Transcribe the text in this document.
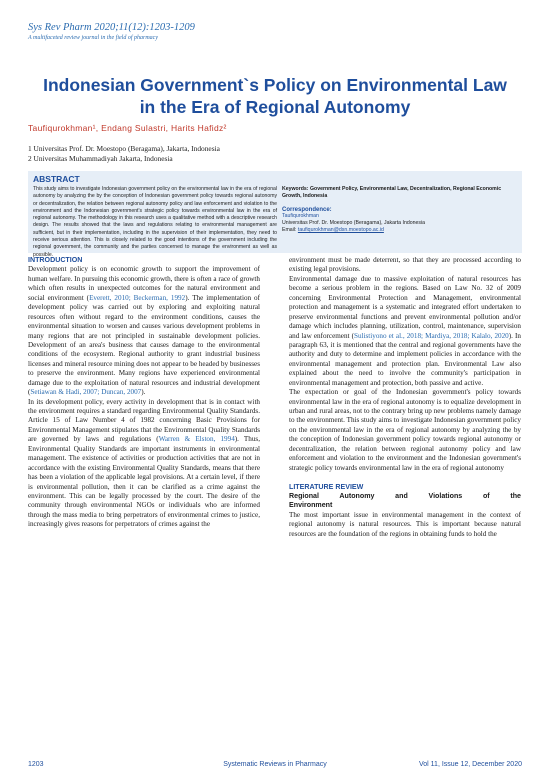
Sys Rev Pharm 2020;11(12):1203-1209
A multifaceted review journal in the field of pharmacy
Indonesian Government`s Policy on Environmental Law in the Era of Regional Autonomy
Taufiqurokhman¹, Endang Sulastri, Harits Hafidz²
1 Universitas Prof. Dr. Moestopo (Beragama), Jakarta, Indonesia
2 Universitas Muhammadiyah Jakarta, Indonesia
ABSTRACT

This study aims to investigate Indonesian government policy on the environmental law in the era of regional autonomy by analyzing the by the conception of Indonesian government policy towards regional autonomy or decentralization, the relation between regional autonomy policy and law enforcement and violation to the environment and the Indonesian government's strategic policy towards environmental law in the era of regional autonomy. The methodology in this research uses a qualitative method with a descriptive research design. The results showed that the laws and regulations relating to environmental management are sufficient, but in their implementation, including in the supervision of their implementation, they need to receive serious attention. This is closely related to the good intentions of the government including the regional government, the community and the parties concerned to manage the environment as well as possible.

Keywords: Government Policy, Environmental Law, Decentralization, Regional Economic Growth, Indonesia

Correspondence:
Taufiqurokhman
Universitas Prof. Dr. Moestopo (Beragama), Jakarta Indonesia
Email: taufiqurokhman@dsn.moestopo.ac.id
INTRODUCTION

Development policy is on economic growth to support the improvement of human welfare. In pursuing this economic growth, there is often a race of growth which often results in unexpected outcomes for the natural environment and social environment (Everett, 2010; Beckerman, 1992). The implementation of development policy was carried out by exploring and exploiting natural resources often without regard to the environment conditions, causes the environmental situation to worsen and causes various development problems in many regions that are not principled in sustainable development policies. Development of an area's business that causes damage to the environmental conditions of the ecosystem. Regional authority to grant industrial business licenses and mineral resource mining does not appear to be headed by businesses to preserve the environment. Many regions have experienced environmental damage due to the exploitation of natural resources and industrial development (Setiawan & Hadi, 2007; Duncan, 2007).
In its development policy, every activity in development that is in contact with the environment requires a standard regarding Environmental Quality Standards. Article 15 of Law Number 4 of 1982 concerning Basic Provisions for Environmental Management stipulates that the Environmental Quality Standards are governed by laws and regulations (Warren & Elston, 1994). Thus, Environmental Quality Standards are important instruments in environmental management. The existence of activities or production activities that are not in accordance with the existing Environmental Quality Standards, means that there has been a violation of the applicable legal provisions. At a certain level, if there is environmental pollution, then it can be clarified as a crime against the environment. This can be legally processed by the court. The desire of the community through environmental NGOs or individuals who are informed through the mass media to bring perpetrators of environmental crimes to justice, increasingly gives reasons for perpetrators of crimes against the

environment must be made deterrent, so that they are processed according to existing legal provisions.
Environmental damage due to massive exploitation of natural resources has become a serious problem in the regions. Based on Law No. 32 of 2009 concerning Environmental Protection and Management, environmental protection and management is a systematic and integrated effort undertaken to preserve environmental functions and prevent environmental pollution and/or damage which includes planning, utilization, control, maintenance, supervision and law enforcement (Sulistiyono et al., 2018; Mardiya, 2018; Kalalo, 2020). In paragraph 63, it is mentioned that the central and regional governments have the authority and duty to determine and implement policies in accordance with the environmental management and protection plan. Environmental Law also explained about the need to involve the community's participation in environmental management and protection, both passive and active.
The expectation or goal of the Indonesian government's policy towards environmental law in the era of regional autonomy is to equalize development in urban and rural areas, not to the contrary bring up new problems namely damage to the environment. This study aims to investigate Indonesian government policy on the environmental law in the era of regional autonomy by analyzing the by the conception of Indonesian government policy towards regional autonomy or decentralization, the relation between regional autonomy policy and law enforcement and violation to the environment and the Indonesian government's strategic policy towards environmental law in the era of regional autonomy

LITERATURE REVIEW
Regional Autonomy and Violations of the
Environment

The most important issue in environmental management in the context of regional autonomy is natural resources. This is important because natural resources are the foundation of the regions in obtaining funds to hold the

1203	Systematic Reviews in Pharmacy	Vol 11, Issue 12, December 2020
